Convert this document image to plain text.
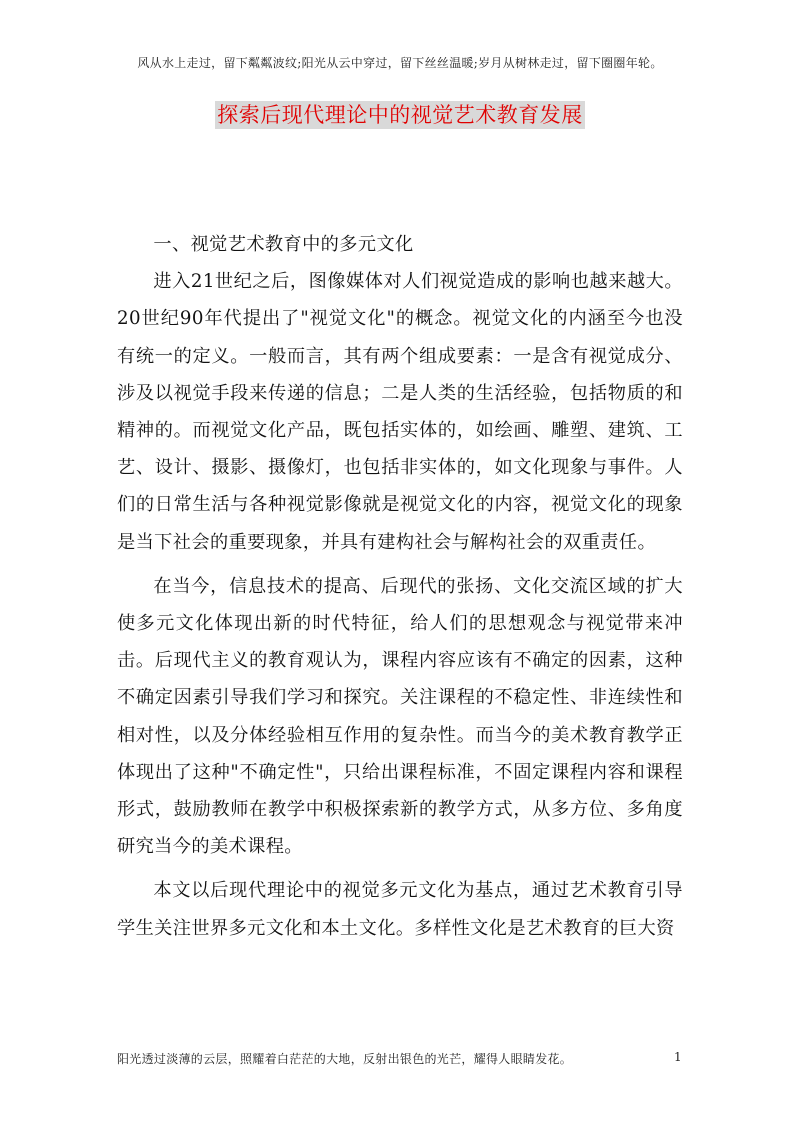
风从水上走过，留下粼粼波纹;阳光从云中穿过，留下丝丝温暖;岁月从树林走过，留下圈圈年轮。
探索后现代理论中的视觉艺术教育发展

一、视觉艺术教育中的多元文化

进入21世纪之后，图像媒体对人们视觉造成的影响也越来越大。20世纪90年代提出了"视觉文化"的概念。视觉文化的内涵至今也没有统一的定义。一般而言，其有两个组成要素：一是含有视觉成分、涉及以视觉手段来传递的信息；二是人类的生活经验，包括物质的和精神的。而视觉文化产品，既包括实体的，如绘画、雕塑、建筑、工艺、设计、摄影、摄像灯，也包括非实体的，如文化现象与事件。人们的日常生活与各种视觉影像就是视觉文化的内容，视觉文化的现象是当下社会的重要现象，并具有建构社会与解构社会的双重责任。

在当今，信息技术的提高、后现代的张扬、文化交流区域的扩大使多元文化体现出新的时代特征，给人们的思想观念与视觉带来冲击。后现代主义的教育观认为，课程内容应该有不确定的因素，这种不确定因素引导我们学习和探究。关注课程的不稳定性、非连续性和相对性，以及分体经验相互作用的复杂性。而当今的美术教育教学正体现出了这种"不确定性"，只给出课程标准，不固定课程内容和课程形式，鼓励教师在教学中积极探索新的教学方式，从多方位、多角度研究当今的美术课程。

本文以后现代理论中的视觉多元文化为基点，通过艺术教育引导学生关注世界多元文化和本土文化。多样性文化是艺术教育的巨大资

阳光透过淡薄的云层，照耀着白茫茫的大地，反射出银色的光芒，耀得人眼睛发花。	1
